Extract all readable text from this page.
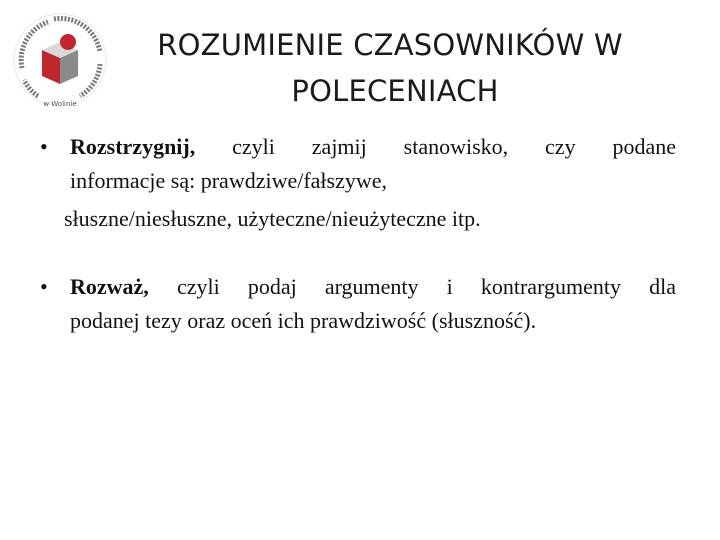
w Wolinie
ROZUMIENIE CZASOWNIKÓW W
POLECENIACH
• Rozstrzygnij, czyli zajmij stanowisko, czy podane
informacje są: prawdziwe/fałszywe,
słuszne/niesłuszne, użyteczne/nieużyteczne itp.
• Rozważ, czyli podaj argumenty i kontrargumenty dla
podanej tezy oraz oceń ich prawdziwość (słuszność).
